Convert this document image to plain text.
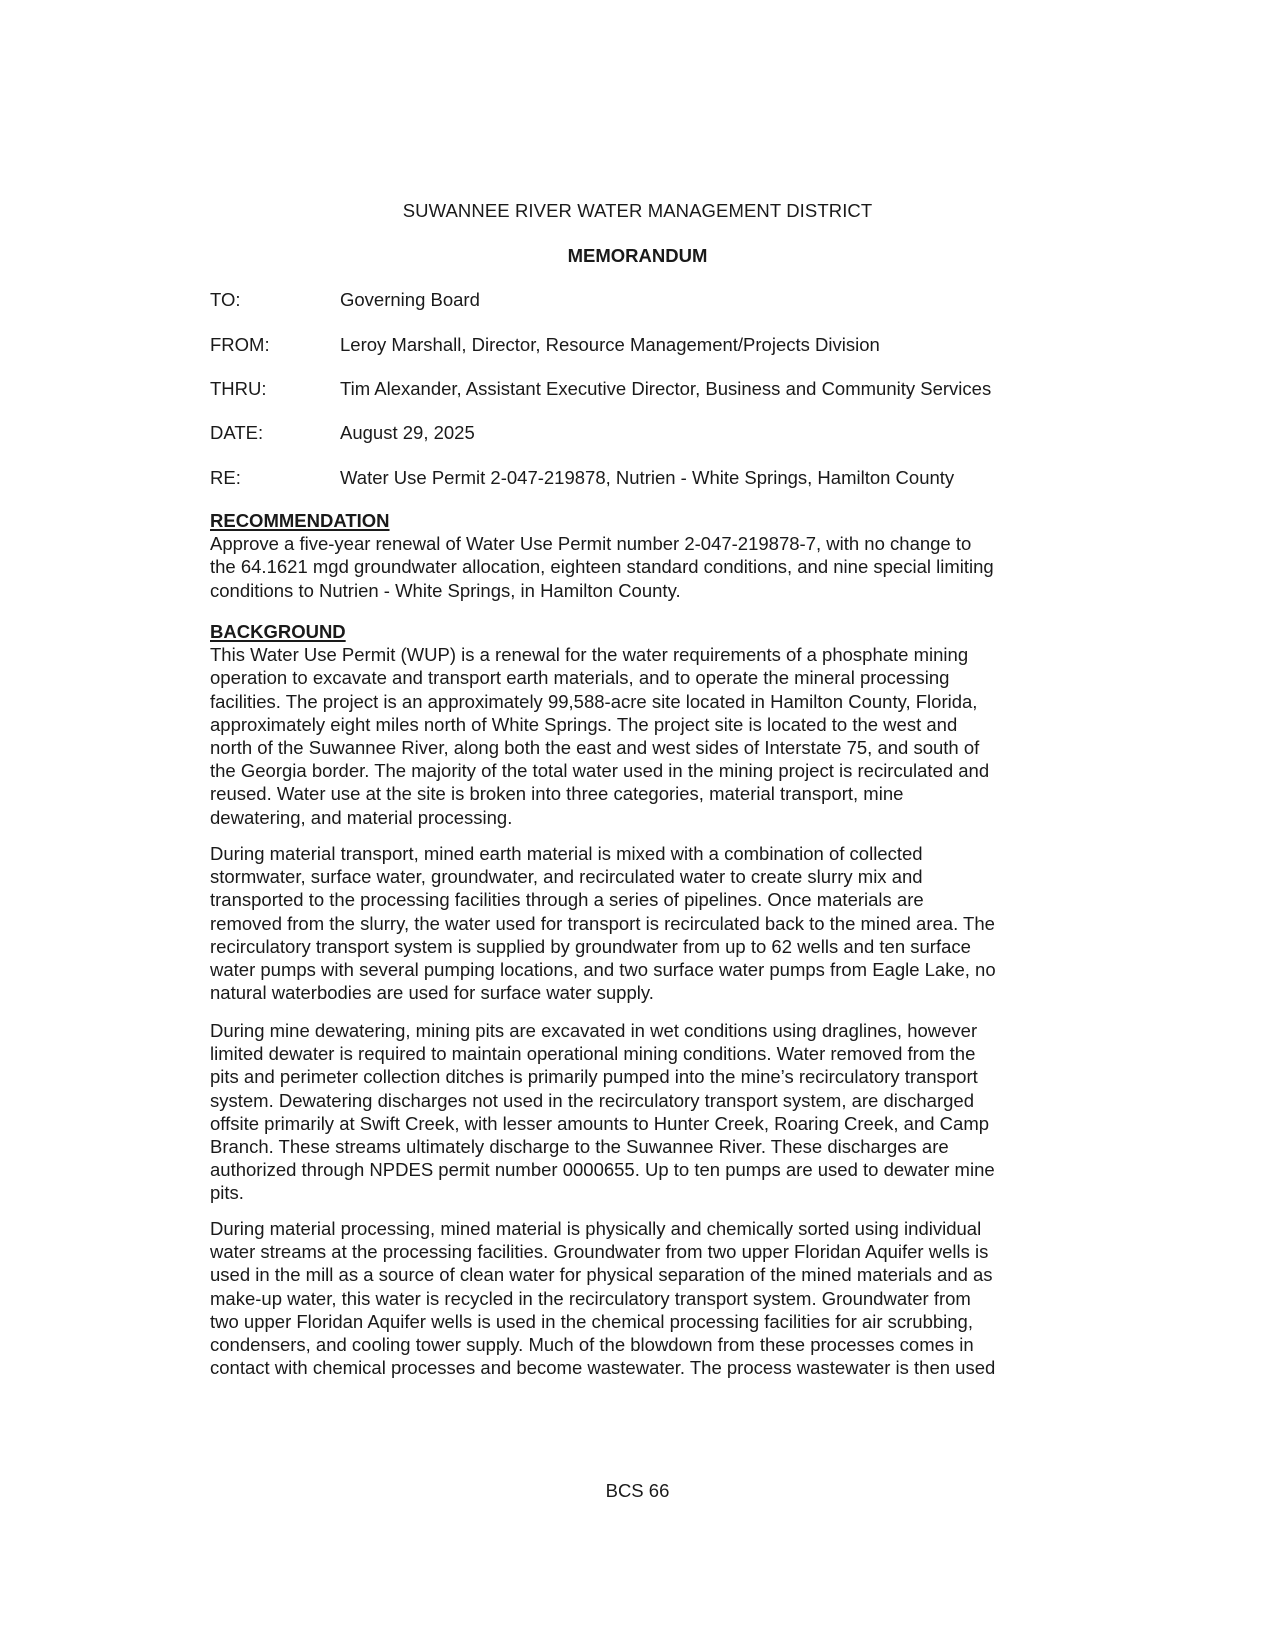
SUWANNEE RIVER WATER MANAGEMENT DISTRICT
MEMORANDUM
TO:	Governing Board
FROM:	Leroy Marshall, Director, Resource Management/Projects Division
THRU:	Tim Alexander, Assistant Executive Director, Business and Community Services
DATE:	August 29, 2025
RE:	Water Use Permit 2-047-219878, Nutrien - White Springs, Hamilton County
RECOMMENDATION

Approve a five-year renewal of Water Use Permit number 2-047-219878-7, with no change to
the 64.1621 mgd groundwater allocation, eighteen standard conditions, and nine special limiting
conditions to Nutrien - White Springs, in Hamilton County.

BACKGROUND

This Water Use Permit (WUP) is a renewal for the water requirements of a phosphate mining
operation to excavate and transport earth materials, and to operate the mineral processing
facilities. The project is an approximately 99,588-acre site located in Hamilton County, Florida,
approximately eight miles north of White Springs. The project site is located to the west and
north of the Suwannee River, along both the east and west sides of Interstate 75, and south of
the Georgia border. The majority of the total water used in the mining project is recirculated and
reused. Water use at the site is broken into three categories, material transport, mine
dewatering, and material processing.

During material transport, mined earth material is mixed with a combination of collected
stormwater, surface water, groundwater, and recirculated water to create slurry mix and
transported to the processing facilities through a series of pipelines. Once materials are
removed from the slurry, the water used for transport is recirculated back to the mined area. The
recirculatory transport system is supplied by groundwater from up to 62 wells and ten surface
water pumps with several pumping locations, and two surface water pumps from Eagle Lake, no
natural waterbodies are used for surface water supply.

During mine dewatering, mining pits are excavated in wet conditions using draglines, however
limited dewater is required to maintain operational mining conditions. Water removed from the
pits and perimeter collection ditches is primarily pumped into the mine’s recirculatory transport
system. Dewatering discharges not used in the recirculatory transport system, are discharged
offsite primarily at Swift Creek, with lesser amounts to Hunter Creek, Roaring Creek, and Camp
Branch. These streams ultimately discharge to the Suwannee River. These discharges are
authorized through NPDES permit number 0000655. Up to ten pumps are used to dewater mine
pits.

During material processing, mined material is physically and chemically sorted using individual
water streams at the processing facilities. Groundwater from two upper Floridan Aquifer wells is
used in the mill as a source of clean water for physical separation of the mined materials and as
make-up water, this water is recycled in the recirculatory transport system. Groundwater from
two upper Floridan Aquifer wells is used in the chemical processing facilities for air scrubbing,
condensers, and cooling tower supply. Much of the blowdown from these processes comes in
contact with chemical processes and become wastewater. The process wastewater is then used

BCS 66
